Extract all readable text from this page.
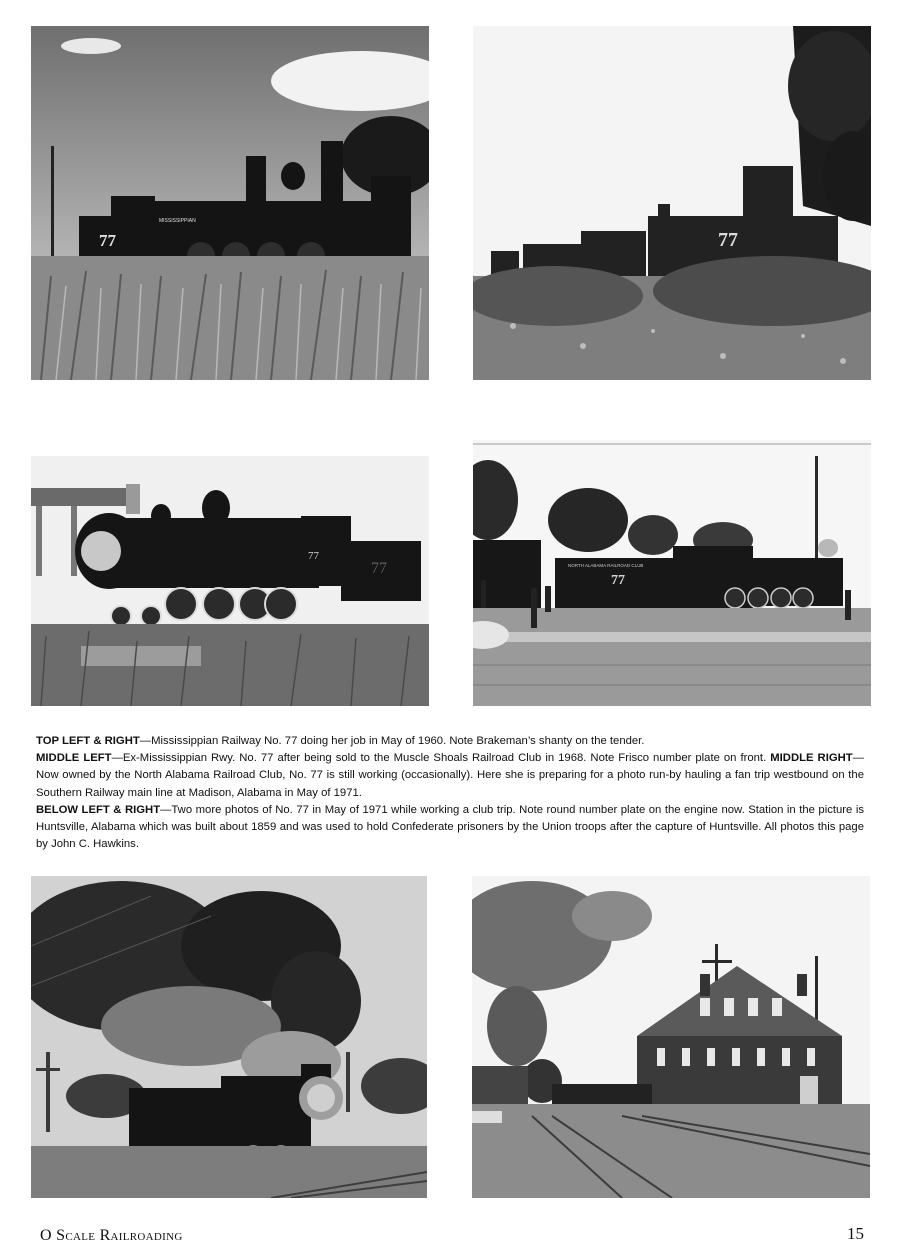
77
MISSISSIPPIAN
77
77
77	NORTH ALABAMA RAILROAD CLUB
77

TOP LEFT & RIGHT—Mississippian Railway No. 77 doing her job in May of 1960. Note Brakeman’s shanty on the tender.

MIDDLE LEFT—Ex-Mississippian Rwy. No. 77 after being sold to the Muscle Shoals Railroad Club in 1968. Note Frisco number plate on front. MIDDLE RIGHT—Now owned by the North Alabama Railroad Club, No. 77 is still working (occasionally). Here she is preparing for a photo run-by hauling a fan trip westbound on the Southern Railway main line at Madison, Alabama in May of 1971.

BELOW LEFT & RIGHT—Two more photos of No. 77 in May of 1971 while working a club trip. Note round number plate on the engine now. Station in the picture is Huntsville, Alabama which was built about 1859 and was used to hold Confederate prisoners by the Union troops after the capture of Huntsville. All photos this page by John C. Hawkins.

O Scale Railroading	15
